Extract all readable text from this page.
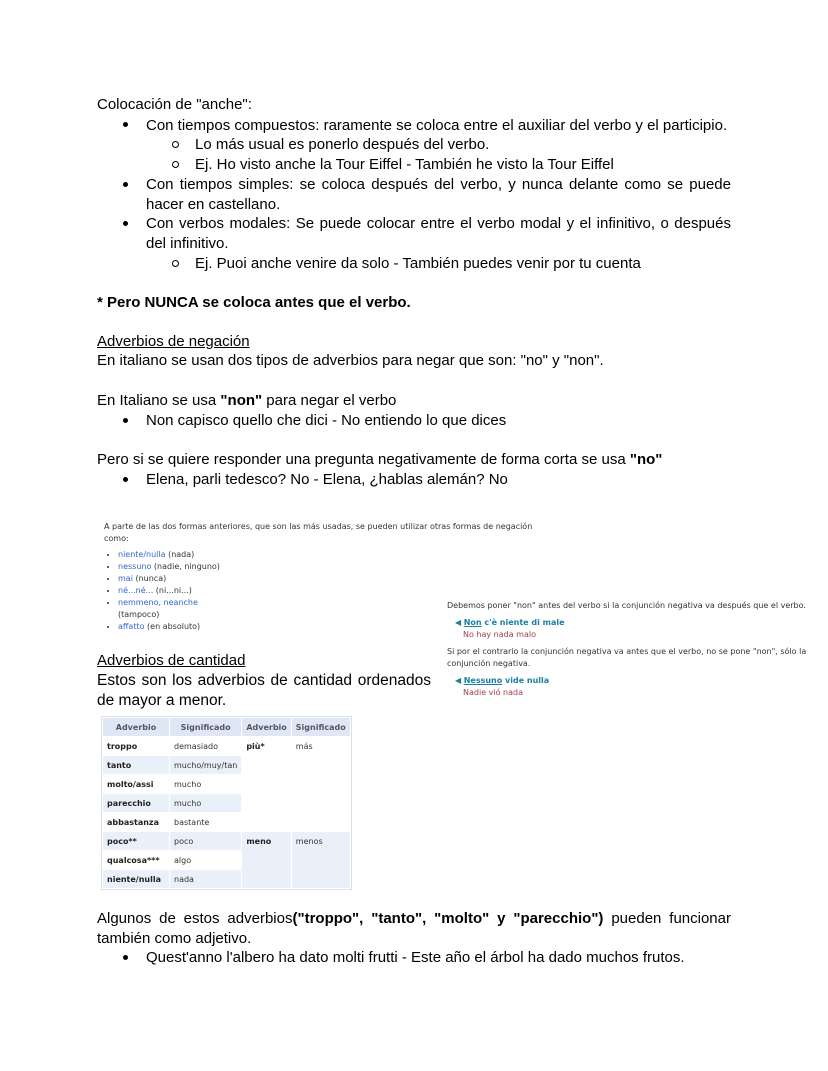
Colocación de "anche":
Con tiempos compuestos: raramente se coloca entre el auxiliar del verbo y el participio.
Lo más usual es ponerlo después del verbo.
Ej. Ho visto anche la Tour Eiffel - También he visto la Tour Eiffel
Con tiempos simples: se coloca después del verbo, y nunca delante como se puede hacer en castellano.
Con verbos modales: Se puede colocar entre el verbo modal y el infinitivo, o después del infinitivo.
Ej. Puoi anche venire da solo - También puedes venir por tu cuenta
* Pero NUNCA se coloca antes que el verbo.
Adverbios de negación
En italiano se usan dos tipos de adverbios para negar que son: "no" y "non".
En Italiano se usa "non" para negar el verbo
Non capisco quello che dici - No entiendo lo que dices
Pero si se quiere responder una pregunta negativamente de forma corta se usa "no"
Elena, parli tedesco? No - Elena, ¿hablas alemán? No
A parte de las dos formas anteriores, que son las más usadas, se pueden utilizar otras formas de negación como:
• niente/nulla (nada)
• nessuno (nadie, ninguno)
• mai (nunca)
• né...né... (ni...ni...)
• nemmeno, neanche (tampoco)
• affatto (en absoluto)
Debemos poner "non" antes del verbo si la conjunción negativa va después que el verbo.
◀ Non c'è niente di male
No hay nada malo
Si por el contrario la conjunción negativa va antes que el verbo, no se pone "non", sólo la conjunción negativa.
◀ Nessuno vide nulla
Nadie vió nada
Adverbios de cantidad
Estos son los adverbios de cantidad ordenados de mayor a menor.
Adverbio	Significado	Adverbio	Significado
troppo	demasiado	più*	más
tanto	mucho/muy/tan		
molto/assi	mucho		
parecchio	mucho		
abbastanza	bastante		
poco**	poco	meno	menos
qualcosa***	algo		
niente/nulla	nada		
Algunos de estos adverbios("troppo", "tanto", "molto" y "parecchio") pueden funcionar también como adjetivo.
Quest'anno l'albero ha dato molti frutti - Este año el árbol ha dado muchos frutos.
